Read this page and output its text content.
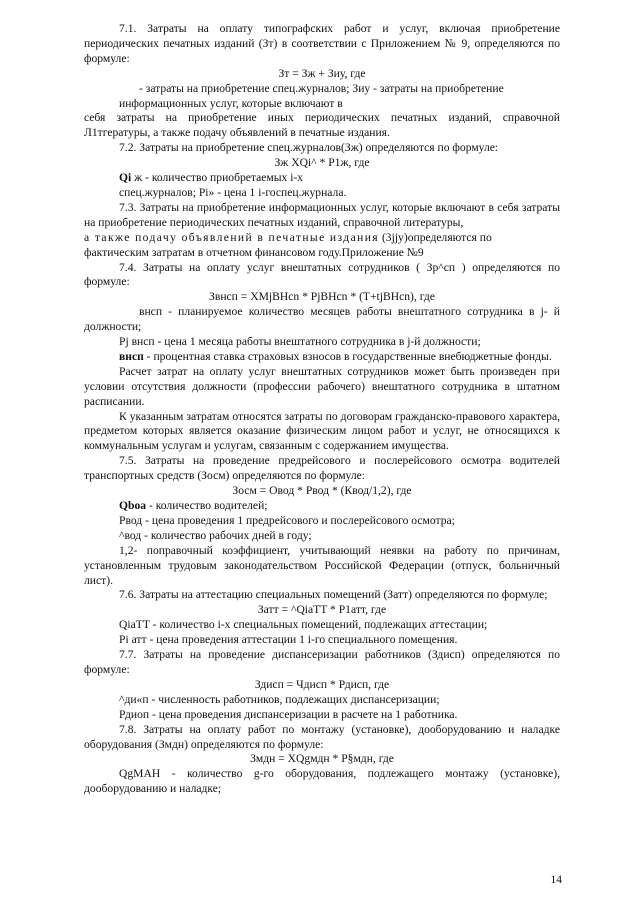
7.1. Затраты на оплату типографских работ и услуг, включая приобретение периодических печатных изданий (Зт) в соответствии с Приложением № 9, определяются по формуле:

Зт = Зж + Зиу, где

- затраты на приобретение спец.журналов; Зиу - затраты на приобретение

информационных услуг, которые включают в

себя затраты на приобретение иных периодических печатных изданий, справочной Л1тгературы, а также подачу объявлений в печатные издания.

7.2. Затраты на приобретение спец.журналов(Зж) определяются по формуле:

Зж XQi^ * Р1ж, где

Qi ж - количество приобретаемых i-х

спец.журналов; Pi» - цена 1 i-госпец.журнала.

7.3. Затраты на приобретение информационных услуг, которые включают в себя затраты на приобретение периодических печатных изданий, справочной литературы,

а также подачу объявлений в печатные издания (3jjу)определяются по

фактическим затратам в отчетном финансовом году.Приложение №9

7.4. Затраты на оплату услуг внештатных сотрудников ( Зр^сп ) определяются по формуле:

Звнсп = XMjВНcn * PjВНcn * (Т+tjВНcn), где

внсп - планируемое количество месяцев работы внештатного сотрудника в j- й должности;

Pj внсп - цена 1 месяца работы внештатного сотрудника в j-й должности;

внсп - процентная ставка страховых взносов в государственные внебюджетные фонды.

Расчет затрат на оплату услуг внештатных сотрудников может быть произведен при условии отсутствия должности (профессии рабочего) внештатного сотрудника в штатном расписании.

К указанным затратам относятся затраты по договорам гражданско-правового характера, предметом которых является оказание физическим лицом работ и услуг, не относящихся к коммунальным услугам и услугам, связанным с содержанием имущества.

7.5. Затраты на проведение предрейсового и послерейсового осмотра водителей транспортных средств (Зосм) определяются по формуле:

Зосм = Овод * Рвод * (Квод/1,2), где

Qboa - количество водителей;

Рвод - цена проведения 1 предрейсового и послерейсового осмотра;

^вод - количество рабочих дней в году;

1,2- поправочный коэффициент, учитывающий неявки на работу по причинам, установленным трудовым законодательством Российской Федерации (отпуск, больничный лист).

7.6. Затраты на аттестацию специальных помещений (Затт) определяются по формуле;

Затт = ^QiaTT * Р1атт, где

QiaTT - количество i-х специальных помещений, подлежащих аттестации;

Pi атт - цена проведения аттестации 1 i-го специального помещения.

7.7. Затраты на проведение диспансеризации работников (Здисп) определяются по формуле:

Здисп = Чдисп * Рдисп, где

^ди«п - численность работников, подлежащих диспансеризации;

Рдиоп - цена проведения диспансеризации в расчете на 1 работника.

7.8. Затраты на оплату работ по монтажу (установке), дооборудованию и наладке оборудования (Змдн) определяются по формуле:

Змдн = XQgмдн * Р§мдн, где

QgMAH - количество g-го оборудования, подлежащего монтажу (установке), дооборудованию и наладке;

14
